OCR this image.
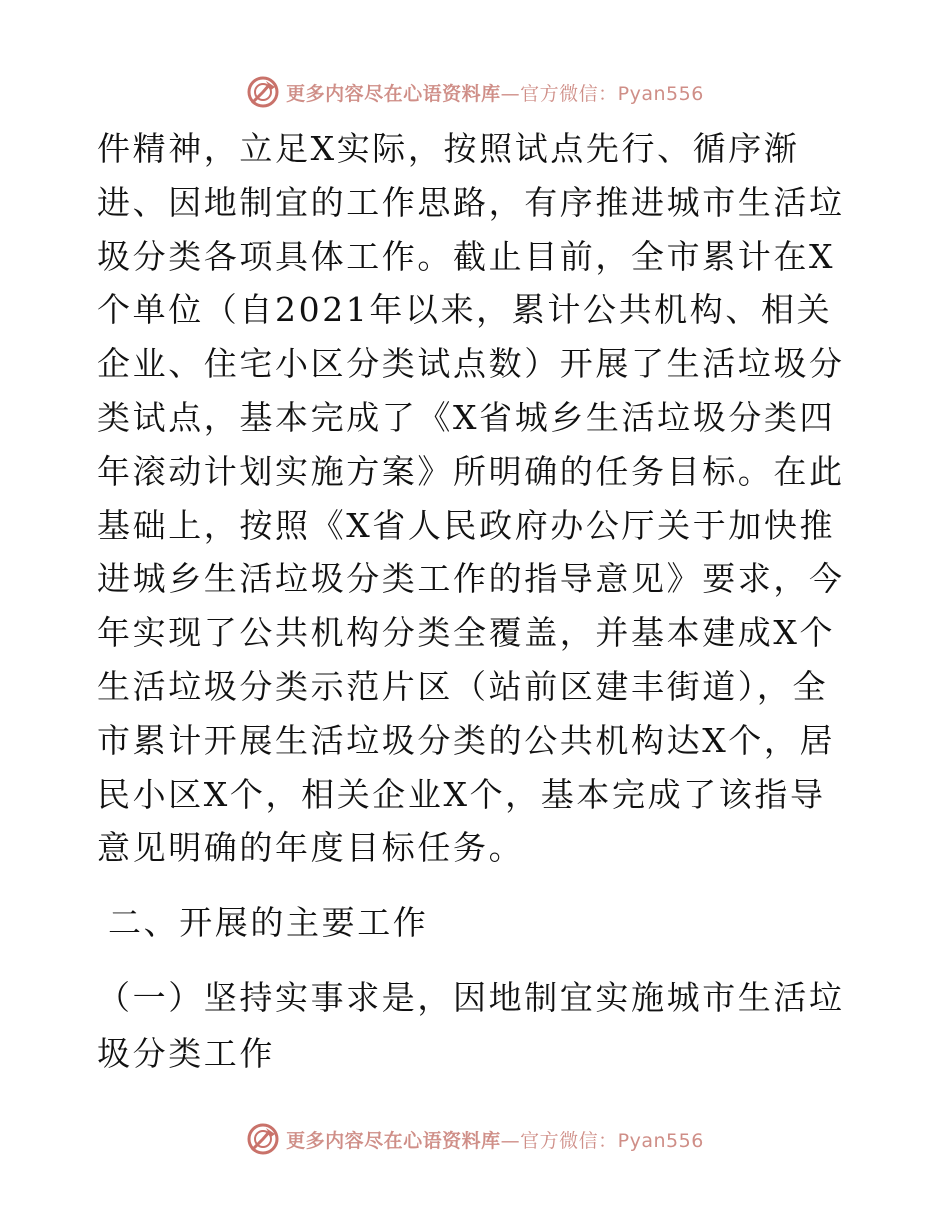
更多内容尽在心语资料库—官方微信：Pyan556

件精神，立足X实际，按照试点先行、循序渐进、因地制宜的工作思路，有序推进城市生活垃圾分类各项具体工作。截止目前，全市累计在X个单位（自2021年以来，累计公共机构、相关企业、住宅小区分类试点数）开展了生活垃圾分类试点，基本完成了《X省城乡生活垃圾分类四年滚动计划实施方案》所明确的任务目标。在此基础上，按照《X省人民政府办公厅关于加快推进城乡生活垃圾分类工作的指导意见》要求，今年实现了公共机构分类全覆盖，并基本建成X个生活垃圾分类示范片区（站前区建丰街道），全市累计开展生活垃圾分类的公共机构达X个，居民小区X个，相关企业X个，基本完成了该指导意见明确的年度目标任务。

二、开展的主要工作

（一）坚持实事求是，因地制宜实施城市生活垃圾分类工作

更多内容尽在心语资料库—官方微信：Pyan556
